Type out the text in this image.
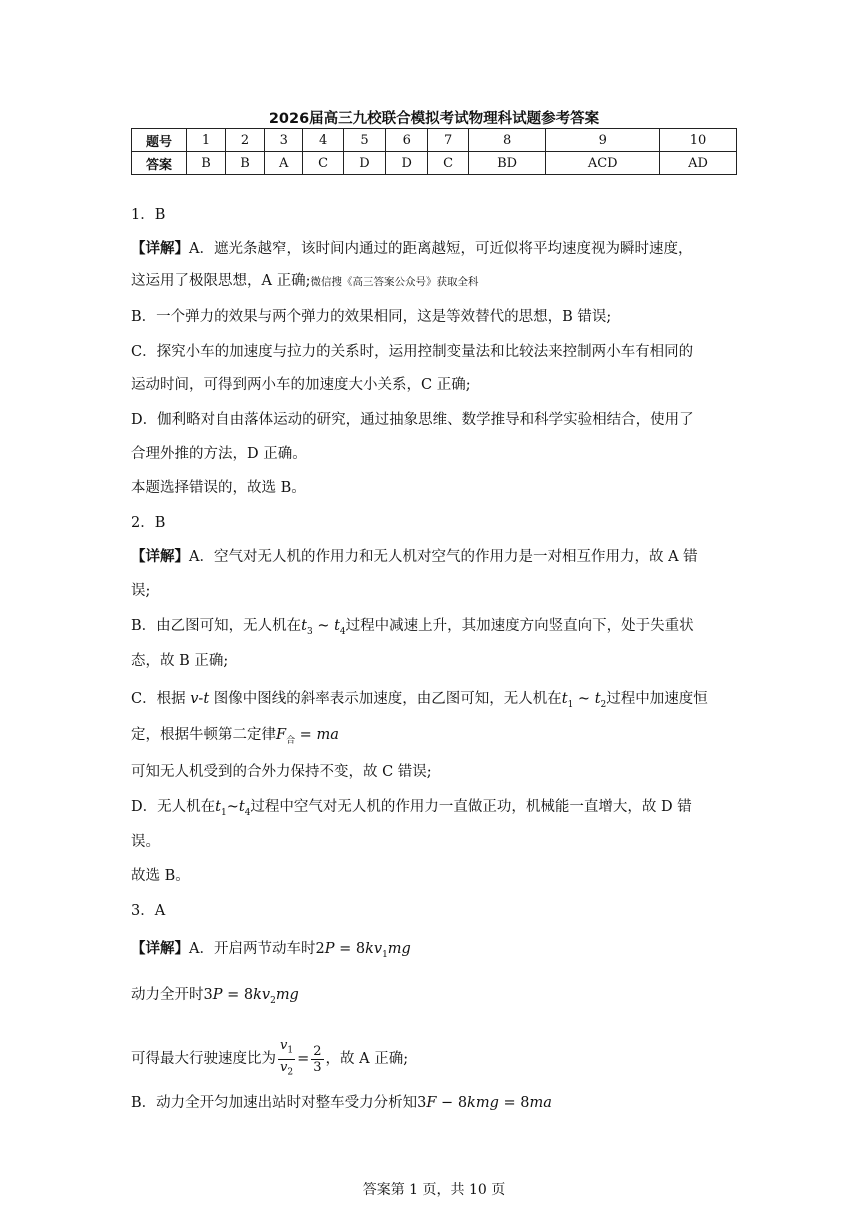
2026届高三九校联合模拟考试物理科试题参考答案
题号	1	2	3	4	5	6	7	8	9	10
答案	B	B	A	C	D	D	C	BD	ACD	AD
1．B
【详解】A．遮光条越窄，该时间内通过的距离越短，可近似将平均速度视为瞬时速度，
这运用了极限思想，A 正确;微信搜《高三答案公众号》获取全科
B．一个弹力的效果与两个弹力的效果相同，这是等效替代的思想，B 错误;
C．探究小车的加速度与拉力的关系时，运用控制变量法和比较法来控制两小车有相同的
运动时间，可得到两小车的加速度大小关系，C 正确;
D．伽利略对自由落体运动的研究，通过抽象思维、数学推导和科学实验相结合，使用了
合理外推的方法，D 正确。
本题选择错误的，故选 B。
2．B
【详解】A．空气对无人机的作用力和无人机对空气的作用力是一对相互作用力，故 A 错
误;
B．由乙图可知，无人机在$t_3$ ~ $t_4$过程中减速上升，其加速度方向竖直向下，处于失重状
态，故 B 正确;
C．根据 v-t 图像中图线的斜率表示加速度，由乙图可知，无人机在$t_1$ ~ $t_2$过程中加速度恒
定，根据牛顿第二定律$F_合$ = ma
可知无人机受到的合外力保持不变，故 C 错误;
D．无人机在$t_1\sim t_4$过程中空气对无人机的作用力一直做正功，机械能一直增大，故 D 错
误。
故选 B。
3．A
【详解】A．开启两节动车时$2P = 8kv_1mg$
动力全开时$3P = 8kv_2mg$
可得最大行驶速度比为 $\frac{v_1}{v_2} = \frac{2}{3}$ ，故 A 正确;
B．动力全开匀加速出站时对整车受力分析知3F − 8kmg = 8ma
答案第 1 页，共 10 页
